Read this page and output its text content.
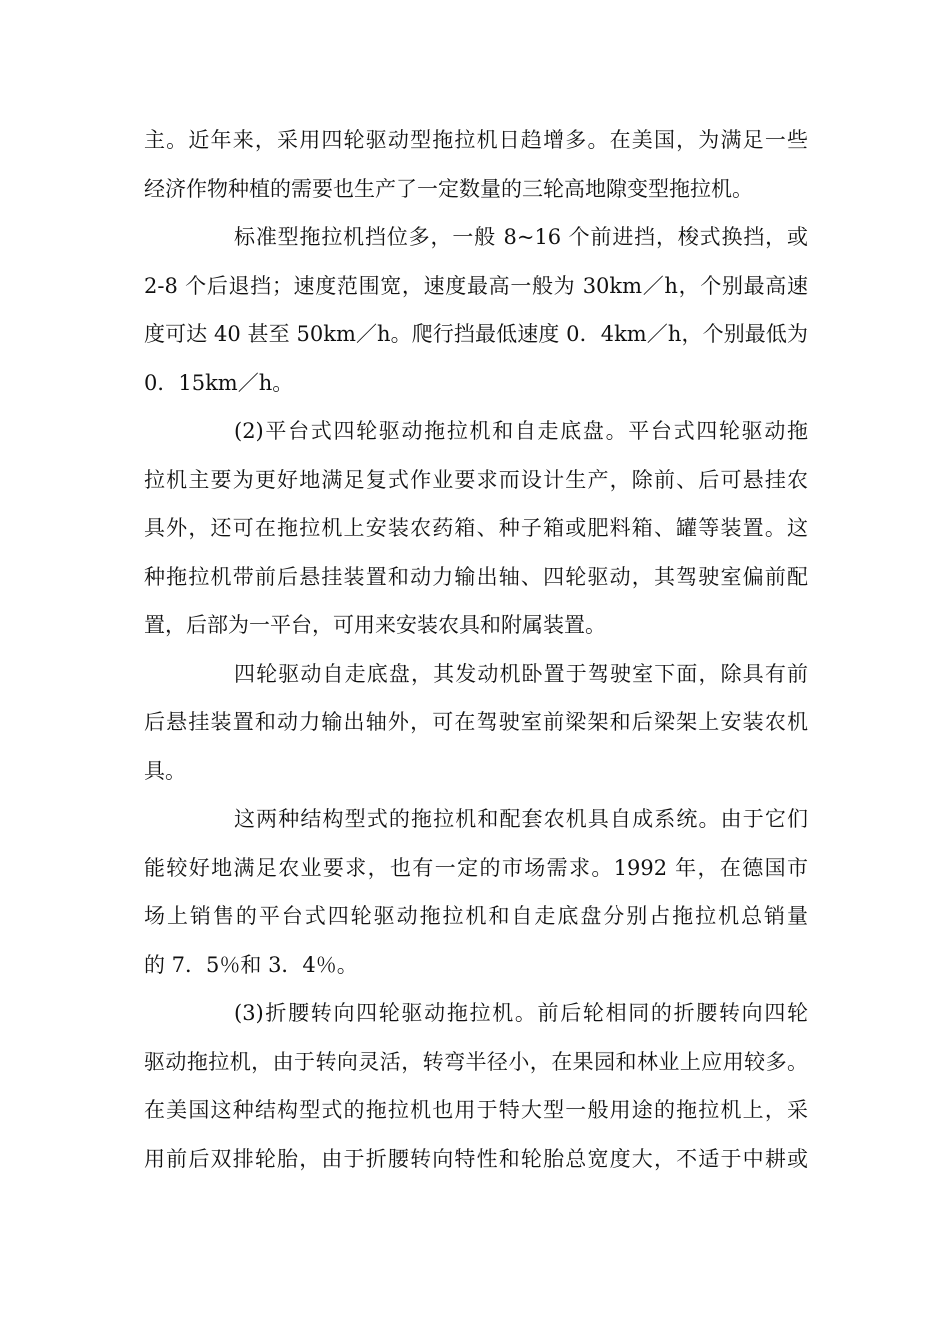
主。近年来，采用四轮驱动型拖拉机日趋增多。在美国，为满足一些
经济作物种植的需要也生产了一定数量的三轮高地隙变型拖拉机。
标准型拖拉机挡位多，一般 8~16 个前进挡，梭式换挡，或
2-8 个后退挡；速度范围宽，速度最高一般为 30km／h，个别最高速
度可达 40 甚至 50km／h。爬行挡最低速度 0．4km／h，个别最低为
0．15km／h。
(2)平台式四轮驱动拖拉机和自走底盘。平台式四轮驱动拖
拉机主要为更好地满足复式作业要求而设计生产，除前、后可悬挂农
具外，还可在拖拉机上安装农药箱、种子箱或肥料箱、罐等装置。这
种拖拉机带前后悬挂装置和动力输出轴、四轮驱动，其驾驶室偏前配
置，后部为一平台，可用来安装农具和附属装置。
四轮驱动自走底盘，其发动机卧置于驾驶室下面，除具有前
后悬挂装置和动力输出轴外，可在驾驶室前梁架和后梁架上安装农机
具。
这两种结构型式的拖拉机和配套农机具自成系统。由于它们
能较好地满足农业要求，也有一定的市场需求。1992 年，在德国市
场上销售的平台式四轮驱动拖拉机和自走底盘分别占拖拉机总销量
的 7．5％和 3．4％。
(3)折腰转向四轮驱动拖拉机。前后轮相同的折腰转向四轮
驱动拖拉机，由于转向灵活，转弯半径小，在果园和林业上应用较多。
在美国这种结构型式的拖拉机也用于特大型一般用途的拖拉机上，采
用前后双排轮胎，由于折腰转向特性和轮胎总宽度大，不适于中耕或
